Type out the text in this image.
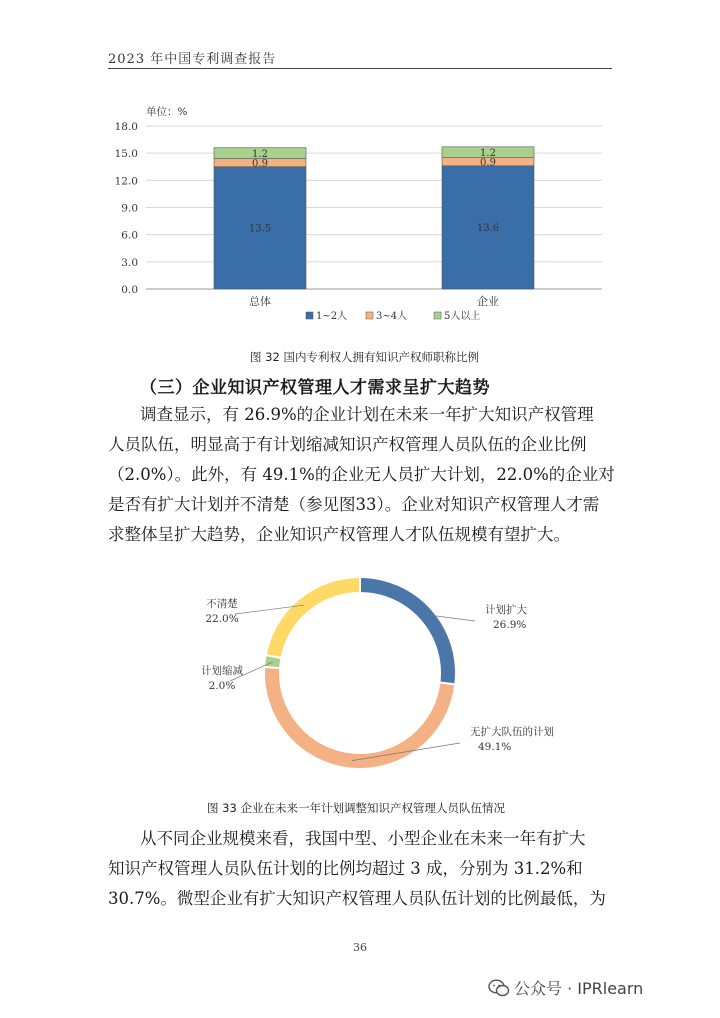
2023 年中国专利调查报告
单位：%
0.0
3.0
6.0
9.0
12.0
15.0
18.0
13.5
0.9
1.2
13.6
0.9
1.2
总体	企业
1~2人	3~4人	5人以上
图 32 国内专利权人拥有知识产权师职称比例
（三）企业知识产权管理人才需求呈扩大趋势
调查显示，有 26.9%的企业计划在未来一年扩大知识产权管理
人员队伍，明显高于有计划缩减知识产权管理人员队伍的企业比例
（2.0%）。此外，有 49.1%的企业无人员扩大计划，22.0%的企业对
是否有扩大计划并不清楚（参见图33）。企业对知识产权管理人才需
求整体呈扩大趋势，企业知识产权管理人才队伍规模有望扩大。
计划扩大
26.9%
无扩大队伍的计划
49.1%
计划缩减
2.0%
不清楚
22.0%
图 33 企业在未来一年计划调整知识产权管理人员队伍情况
从不同企业规模来看，我国中型、小型企业在未来一年有扩大
知识产权管理人员队伍计划的比例均超过 3 成，分别为 31.2%和
30.7%。微型企业有扩大知识产权管理人员队伍计划的比例最低，为
36
公众号 · IPRlearn
